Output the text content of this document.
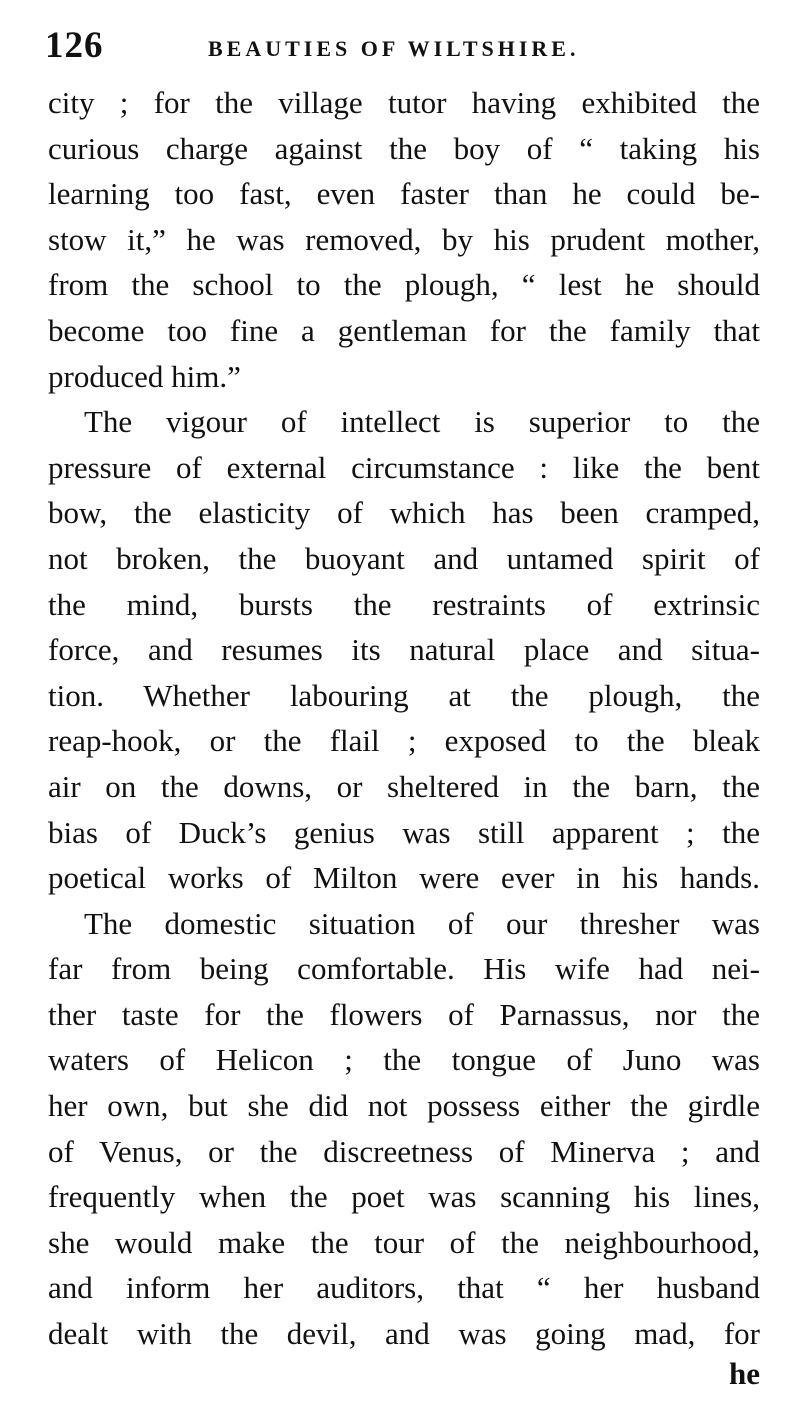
126	BEAUTIES OF WILTSHIRE.
city ; for the village tutor having exhibited the
curious charge against the boy of “ taking his
learning too fast, even faster than he could be-
stow it,” he was removed, by his prudent mother,
from the school to the plough, “ lest he should
become too fine a gentleman for the family that
produced him.”
The vigour of intellect is superior to the
pressure of external circumstance : like the bent
bow, the elasticity of which has been cramped,
not broken, the buoyant and untamed spirit of
the mind, bursts the restraints of extrinsic
force, and resumes its natural place and situa-
tion. Whether labouring at the plough, the
reap-hook, or the flail ; exposed to the bleak
air on the downs, or sheltered in the barn, the
bias of Duck’s genius was still apparent ; the
poetical works of Milton were ever in his hands.
The domestic situation of our thresher was
far from being comfortable. His wife had nei-
ther taste for the flowers of Parnassus, nor the
waters of Helicon ; the tongue of Juno was
her own, but she did not possess either the girdle
of Venus, or the discreetness of Minerva ; and
frequently when the poet was scanning his lines,
she would make the tour of the neighbourhood,
and inform her auditors, that “ her husband
dealt with the devil, and was going mad, for
he
